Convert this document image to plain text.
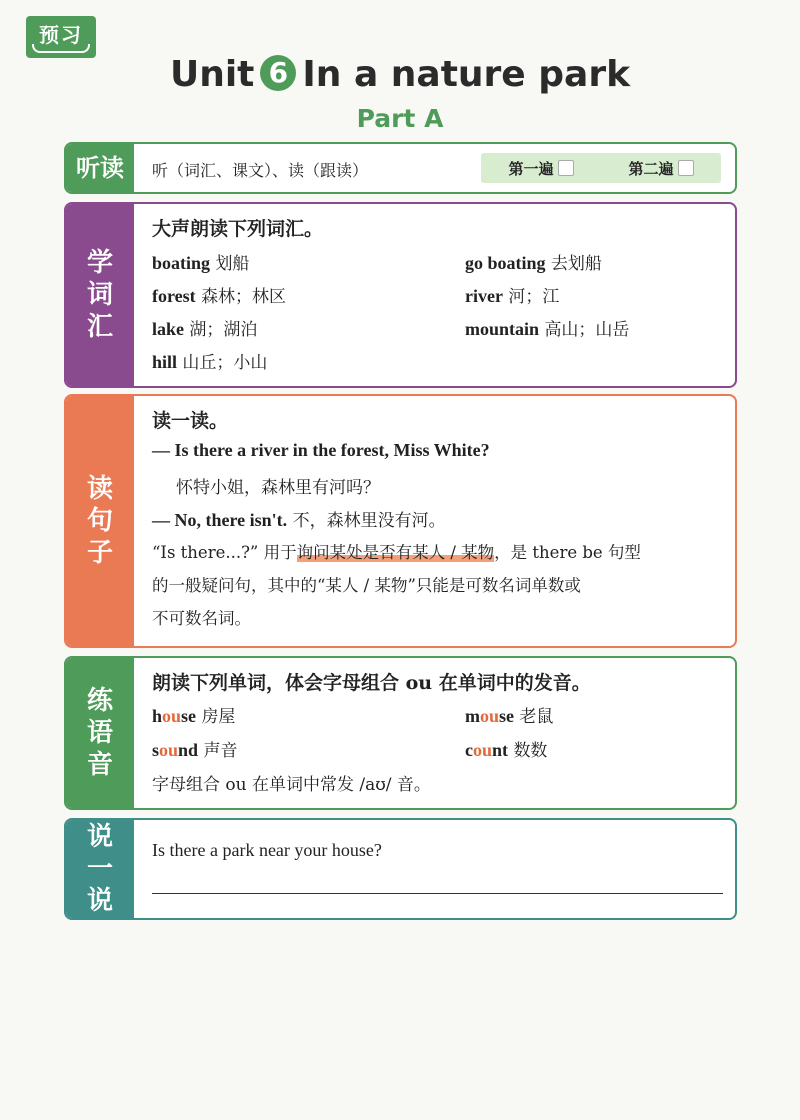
预习
Unit 6 In a nature park
Part A
听读	听（词汇、课文）、读（跟读）	第一遍	第二遍
学
词
汇
大声朗读下列词汇。
boating 划船	go boating 去划船
forest 森林；林区	river 河；江
lake 湖；湖泊	mountain 高山；山岳
hill 山丘；小山
读
句
子
读一读。
— Is there a river in the forest, Miss White?
怀特小姐，森林里有河吗？
— No, there isn't. 不，森林里没有河。
“Is there...?” 用于询问某处是否有某人 / 某物，是 there be 句型
的一般疑问句，其中的“某人 / 某物”只能是可数名词单数或
不可数名词。
练
语
音
朗读下列单词，体会字母组合 ou 在单词中的发音。
house 房屋	mouse 老鼠
sound 声音	count 数数
字母组合 ou 在单词中常发 /aʊ/ 音。
说
一
说
Is there a park near your house?
